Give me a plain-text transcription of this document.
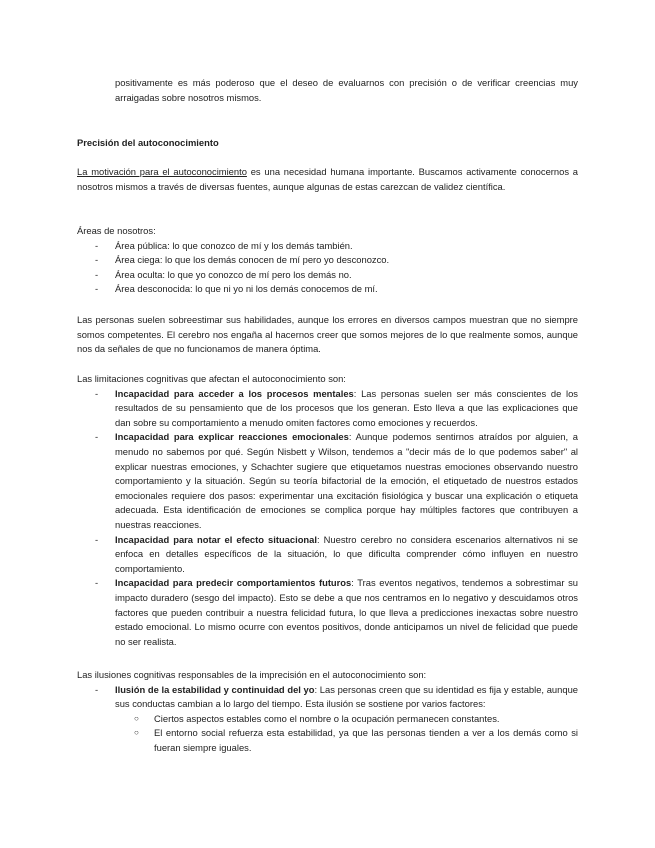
positivamente es más poderoso que el deseo de evaluarnos con precisión o de verificar creencias muy arraigadas sobre nosotros mismos.

Precisión del autoconocimiento

La motivación para el autoconocimiento es una necesidad humana importante. Buscamos activamente conocernos a nosotros mismos a través de diversas fuentes, aunque algunas de estas carezcan de validez científica.

Áreas de nosotros:

- Área pública: lo que conozco de mí y los demás también.
- Área ciega: lo que los demás conocen de mí pero yo desconozco.
- Área oculta: lo que yo conozco de mí pero los demás no.
- Área desconocida: lo que ni yo ni los demás conocemos de mí.

Las personas suelen sobreestimar sus habilidades, aunque los errores en diversos campos muestran que no siempre somos competentes. El cerebro nos engaña al hacernos creer que somos mejores de lo que realmente somos, aunque nos da señales de que no funcionamos de manera óptima.

Las limitaciones cognitivas que afectan el autoconocimiento son:

- Incapacidad para acceder a los procesos mentales: Las personas suelen ser más conscientes de los resultados de su pensamiento que de los procesos que los generan. Esto lleva a que las explicaciones que dan sobre su comportamiento a menudo omiten factores como emociones y recuerdos.
- Incapacidad para explicar reacciones emocionales: Aunque podemos sentirnos atraídos por alguien, a menudo no sabemos por qué. Según Nisbett y Wilson, tendemos a "decir más de lo que podemos saber" al explicar nuestras emociones, y Schachter sugiere que etiquetamos nuestras emociones observando nuestro comportamiento y la situación. Según su teoría bifactorial de la emoción, el etiquetado de nuestros estados emocionales requiere dos pasos: experimentar una excitación fisiológica y buscar una explicación o etiqueta adecuada. Esta identificación de emociones se complica porque hay múltiples factores que contribuyen a nuestras reacciones.
- Incapacidad para notar el efecto situacional: Nuestro cerebro no considera escenarios alternativos ni se enfoca en detalles específicos de la situación, lo que dificulta comprender cómo influyen en nuestro comportamiento.
- Incapacidad para predecir comportamientos futuros: Tras eventos negativos, tendemos a sobrestimar su impacto duradero (sesgo del impacto). Esto se debe a que nos centramos en lo negativo y descuidamos otros factores que pueden contribuir a nuestra felicidad futura, lo que lleva a predicciones inexactas sobre nuestro estado emocional. Lo mismo ocurre con eventos positivos, donde anticipamos un nivel de felicidad que puede no ser realista.

Las ilusiones cognitivas responsables de la imprecisión en el autoconocimiento son:

- Ilusión de la estabilidad y continuidad del yo: Las personas creen que su identidad es fija y estable, aunque sus conductas cambian a lo largo del tiempo. Esta ilusión se sostiene por varios factores:
○ Ciertos aspectos estables como el nombre o la ocupación permanecen constantes.
○ El entorno social refuerza esta estabilidad, ya que las personas tienden a ver a los demás como si fueran siempre iguales.
